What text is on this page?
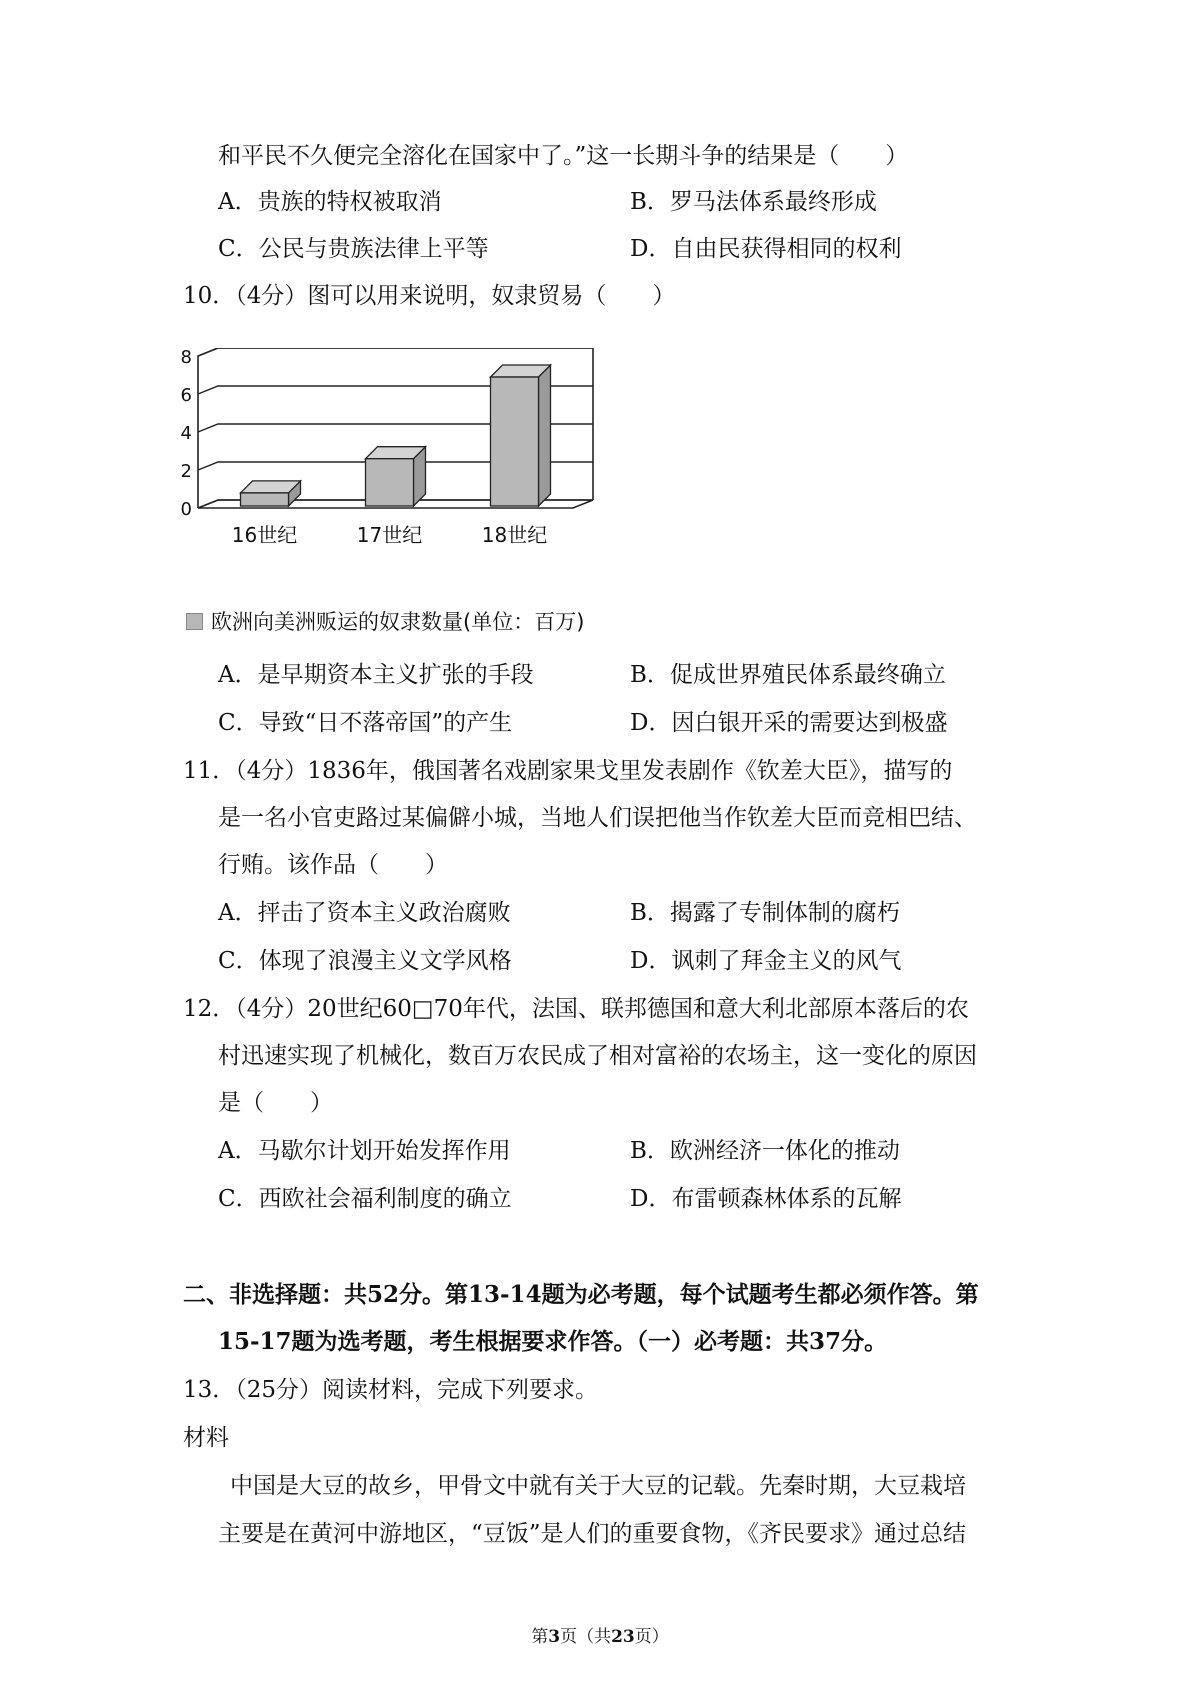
和平民不久便完全溶化在国家中了。”这一长期斗争的结果是（　　）
A．贵族的特权被取消	B．罗马法体系最终形成
C．公民与贵族法律上平等	D．自由民获得相同的权利
10．（4分）图可以用来说明，奴隶贸易（　　）
0
2
4
6
8
16世纪	17世纪	18世纪
欧洲向美洲贩运的奴隶数量(单位：百万)
A．是早期资本主义扩张的手段	B．促成世界殖民体系最终确立
C．导致“日不落帝国”的产生	D．因白银开采的需要达到极盛
11．（4分）1836年，俄国著名戏剧家果戈里发表剧作《钦差大臣》，描写的
是一名小官吏路过某偏僻小城，当地人们误把他当作钦差大臣而竞相巴结、
行贿。该作品（　　）
A．抨击了资本主义政治腐败	B．揭露了专制体制的腐朽
C．体现了浪漫主义文学风格	D．讽刺了拜金主义的风气
12．（4分）20世纪60□70年代，法国、联邦德国和意大利北部原本落后的农
村迅速实现了机械化，数百万农民成了相对富裕的农场主，这一变化的原因
是（　　）
A．马歇尔计划开始发挥作用	B．欧洲经济一体化的推动
C．西欧社会福利制度的确立	D．布雷顿森林体系的瓦解
二、非选择题：共52分。第13-14题为必考题，每个试题考生都必须作答。第
15-17题为选考题，考生根据要求作答。（一）必考题：共37分。
13．（25分）阅读材料，完成下列要求。
材料
中国是大豆的故乡，甲骨文中就有关于大豆的记载。先秦时期，大豆栽培
主要是在黄河中游地区，“豆饭”是人们的重要食物，《齐民要求》通过总结
第3页（共23页）
